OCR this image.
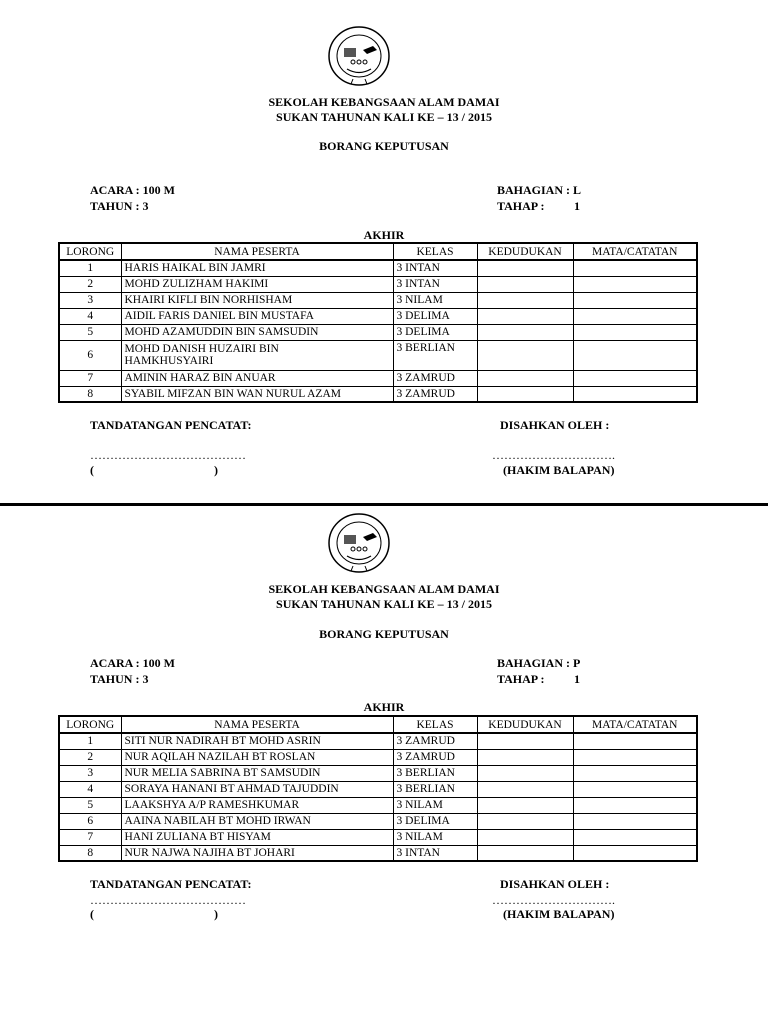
SEKOLAH KEBANGSAAN ALAM DAMAI
SUKAN TAHUNAN KALI KE – 13 / 2015
BORANG KEPUTUSAN
ACARA : 100 M
TAHUN : 3
BAHAGIAN : L
TAHAP : 1
AKHIR
LORONG	NAMA PESERTA	KELAS	KEDUDUKAN	MATA/CATATAN
1	HARIS HAIKAL BIN JAMRI	3 INTAN		
2	MOHD ZULIZHAM HAKIMI	3 INTAN		
3	KHAIRI KIFLI BIN NORHISHAM	3 NILAM		
4	AIDIL FARIS DANIEL BIN MUSTAFA	3 DELIMA		
5	MOHD AZAMUDDIN BIN SAMSUDIN	3 DELIMA		
6	MOHD DANISH HUZAIRI BIN HAMKHUSYAIRI	3 BERLIAN		
7	AMININ HARAZ BIN ANUAR	3 ZAMRUD		
8	SYABIL MIFZAN BIN WAN NURUL AZAM	3 ZAMRUD		
TANDATANGAN PENCATAT:	DISAHKAN OLEH :
…………………………………	………………………….
(                                        )	(HAKIM BALAPAN)
SEKOLAH KEBANGSAAN ALAM DAMAI
SUKAN TAHUNAN KALI KE – 13 / 2015
BORANG KEPUTUSAN
ACARA : 100 M
TAHUN : 3
BAHAGIAN : P
TAHAP : 1
AKHIR
LORONG	NAMA PESERTA	KELAS	KEDUDUKAN	MATA/CATATAN
1	SITI NUR NADIRAH BT MOHD ASRIN	3 ZAMRUD		
2	NUR AQILAH NAZILAH BT ROSLAN	3 ZAMRUD		
3	NUR MELIA SABRINA BT SAMSUDIN	3 BERLIAN		
4	SORAYA HANANI BT AHMAD TAJUDDIN	3 BERLIAN		
5	LAAKSHYA A/P RAMESHKUMAR	3 NILAM		
6	AAINA NABILAH BT MOHD IRWAN	3 DELIMA		
7	HANI ZULIANA BT HISYAM	3 NILAM		
8	NUR NAJWA NAJIHA BT JOHARI	3 INTAN		
TANDATANGAN PENCATAT:	DISAHKAN OLEH :
…………………………………	………………………….
(                                        )	(HAKIM BALAPAN)
